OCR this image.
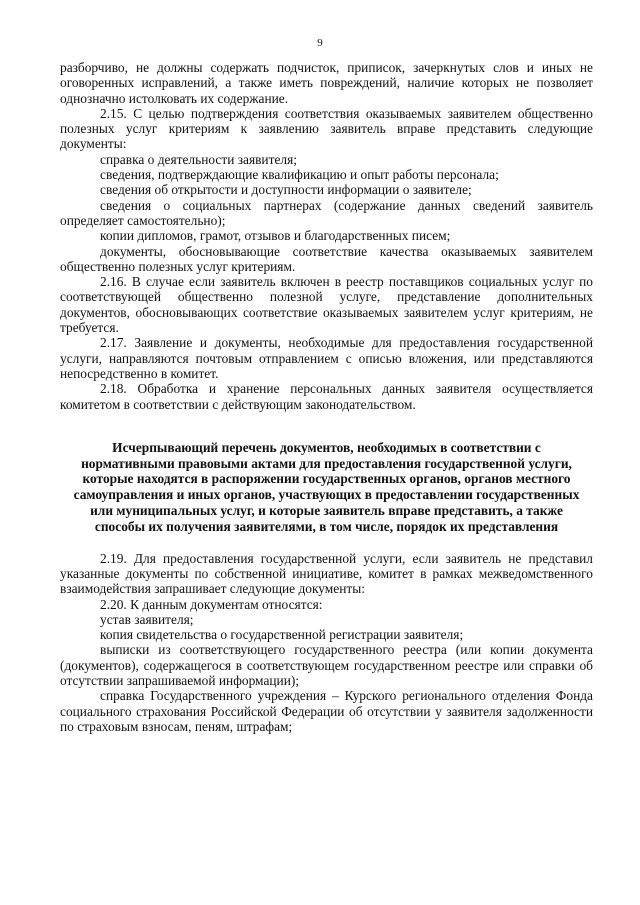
9

разборчиво, не должны содержать подчисток, приписок, зачеркнутых слов и иных не оговоренных исправлений, а также иметь повреждений, наличие которых не позволяет однозначно истолковать их содержание.

2.15. С целью подтверждения соответствия оказываемых заявителем общественно полезных услуг критериям к заявлению заявитель вправе представить следующие документы:

справка о деятельности заявителя;

сведения, подтверждающие квалификацию и опыт работы персонала;

сведения об открытости и доступности информации о заявителе;

сведения о социальных партнерах (содержание данных сведений заявитель определяет самостоятельно);

копии дипломов, грамот, отзывов и благодарственных писем;

документы, обосновывающие соответствие качества оказываемых заявителем общественно полезных услуг критериям.

2.16. В случае если заявитель включен в реестр поставщиков социальных услуг по соответствующей общественно полезной услуге, представление дополнительных документов, обосновывающих соответствие оказываемых заявителем услуг критериям, не требуется.

2.17. Заявление и документы, необходимые для предоставления государственной услуги, направляются почтовым отправлением с описью вложения, или представляются непосредственно в комитет.

2.18. Обработка и хранение персональных данных заявителя осуществляется комитетом в соответствии с действующим законодательством.

Исчерпывающий перечень документов, необходимых в соответствии с нормативными правовыми актами для предоставления государственной услуги, которые находятся в распоряжении государственных органов, органов местного самоуправления и иных органов, участвующих в предоставлении государственных или муниципальных услуг, и которые заявитель вправе представить, а также способы их получения заявителями, в том числе, порядок их представления

2.19. Для предоставления государственной услуги, если заявитель не представил указанные документы по собственной инициативе, комитет в рамках межведомственного взаимодействия запрашивает следующие документы:

2.20. К данным документам относятся:

устав заявителя;

копия свидетельства о государственной регистрации заявителя;

выписки из соответствующего государственного реестра (или копии документа (документов), содержащегося в соответствующем государственном реестре или справки об отсутствии запрашиваемой информации);

справка Государственного учреждения – Курского регионального отделения Фонда социального страхования Российской Федерации об отсутствии у заявителя задолженности по страховым взносам, пеням, штрафам;
